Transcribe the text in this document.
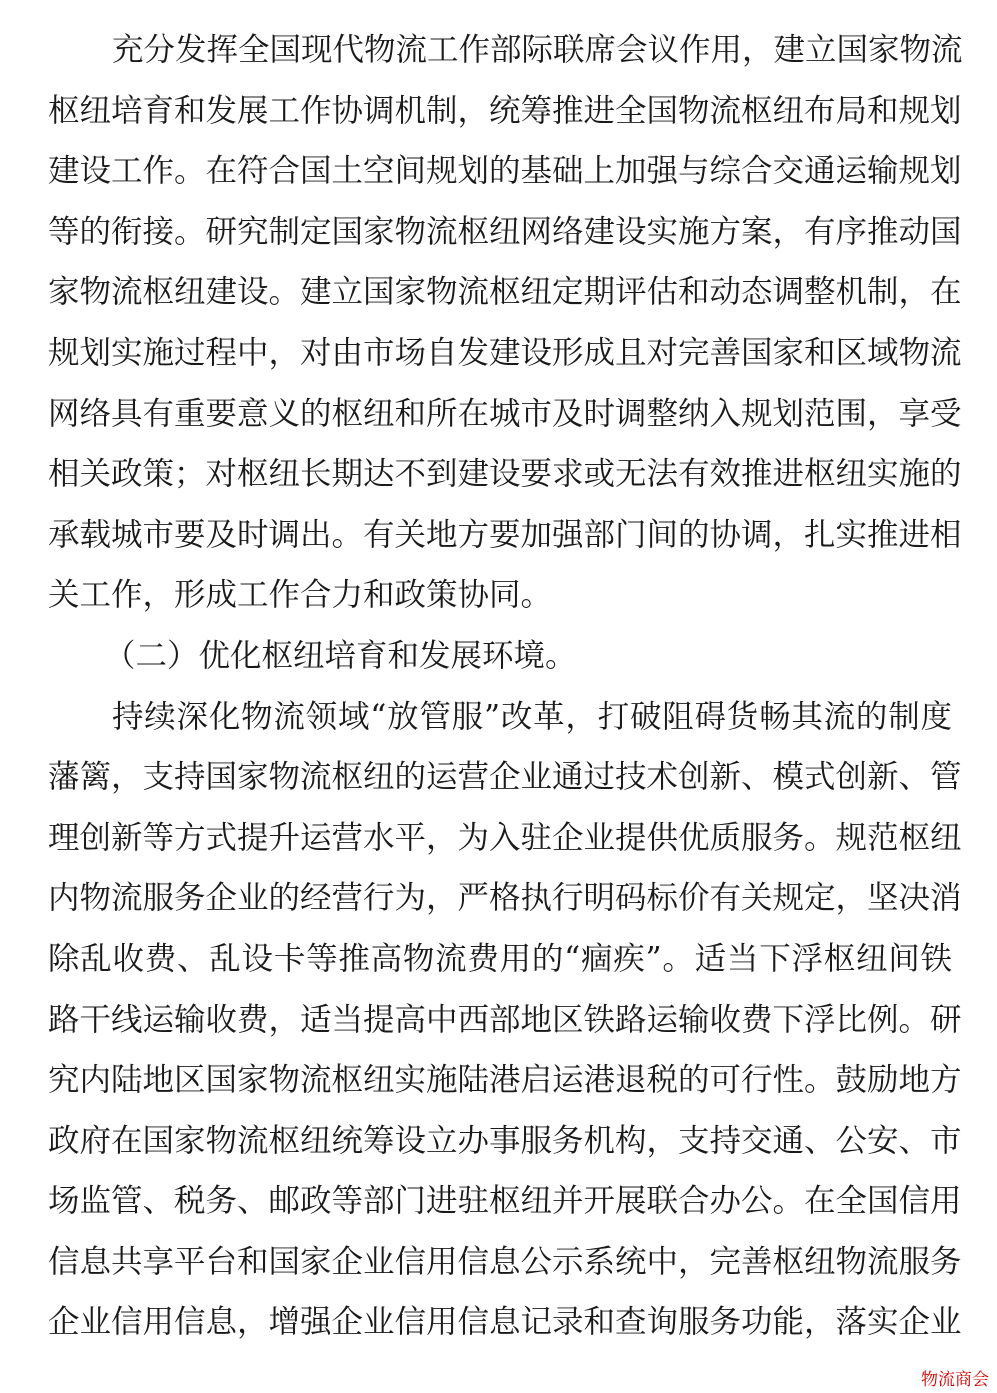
充分发挥全国现代物流工作部际联席会议作用，建立国家物流
枢纽培育和发展工作协调机制，统筹推进全国物流枢纽布局和规划
建设工作。在符合国土空间规划的基础上加强与综合交通运输规划
等的衔接。研究制定国家物流枢纽网络建设实施方案，有序推动国
家物流枢纽建设。建立国家物流枢纽定期评估和动态调整机制，在
规划实施过程中，对由市场自发建设形成且对完善国家和区域物流
网络具有重要意义的枢纽和所在城市及时调整纳入规划范围，享受
相关政策；对枢纽长期达不到建设要求或无法有效推进枢纽实施的
承载城市要及时调出。有关地方要加强部门间的协调，扎实推进相
关工作，形成工作合力和政策协同。
（二）优化枢纽培育和发展环境。
持续深化物流领域“放管服”改革，打破阻碍货畅其流的制度
藩篱，支持国家物流枢纽的运营企业通过技术创新、模式创新、管
理创新等方式提升运营水平，为入驻企业提供优质服务。规范枢纽
内物流服务企业的经营行为，严格执行明码标价有关规定，坚决消
除乱收费、乱设卡等推高物流费用的“痼疾”。适当下浮枢纽间铁
路干线运输收费，适当提高中西部地区铁路运输收费下浮比例。研
究内陆地区国家物流枢纽实施陆港启运港退税的可行性。鼓励地方
政府在国家物流枢纽统筹设立办事服务机构，支持交通、公安、市
场监管、税务、邮政等部门进驻枢纽并开展联合办公。在全国信用
信息共享平台和国家企业信用信息公示系统中，完善枢纽物流服务
企业信用信息，增强企业信用信息记录和查询服务功能，落实企业
物流商会
